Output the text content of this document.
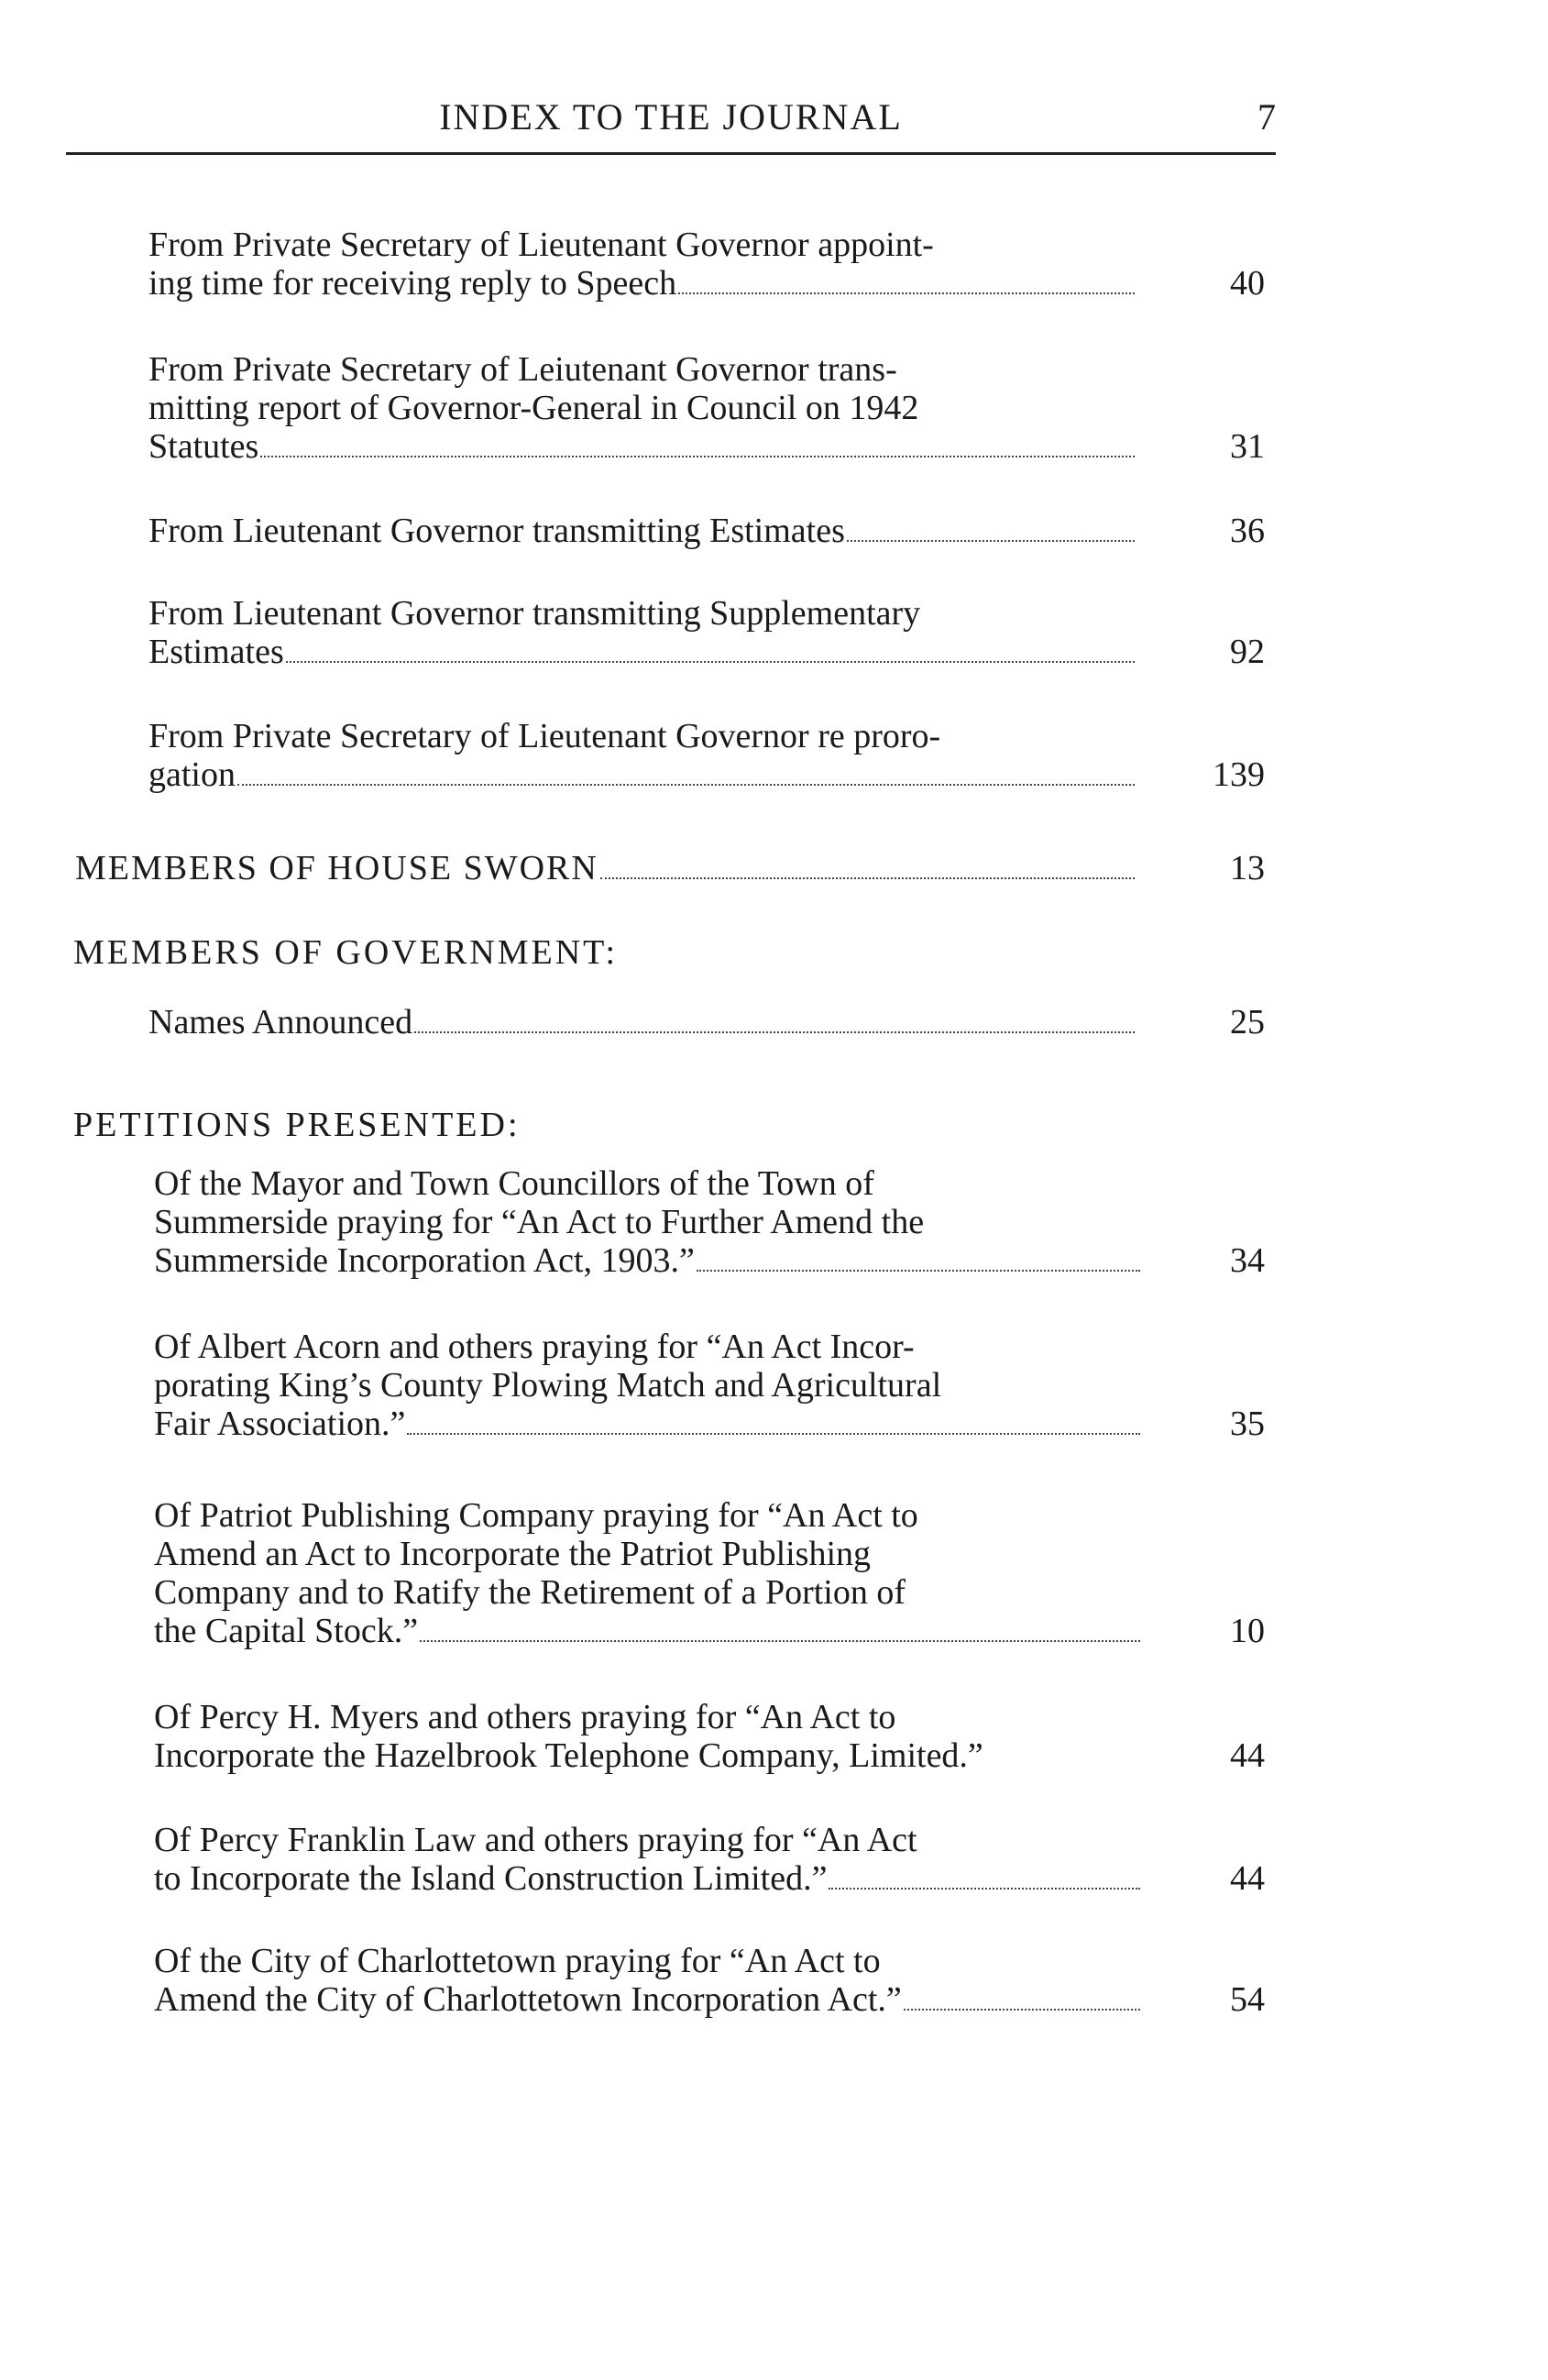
INDEX TO THE JOURNAL	7
From Private Secretary of Lieutenant Governor appoint-
ing time for receiving reply to Speech	40
From Private Secretary of Leiutenant Governor trans-
mitting report of Governor-General in Council on 1942
Statutes	31
From Lieutenant Governor transmitting Estimates	36
From Lieutenant Governor transmitting Supplementary
Estimates	92
From Private Secretary of Lieutenant Governor re proro-
gation	139
MEMBERS OF HOUSE SWORN	13
MEMBERS OF GOVERNMENT:
Names Announced	25
PETITIONS PRESENTED:
Of the Mayor and Town Councillors of the Town of
Summerside praying for “An Act to Further Amend the
Summerside Incorporation Act, 1903.”	34
Of Albert Acorn and others praying for “An Act Incor-
porating King’s County Plowing Match and Agricultural
Fair Association.”	35
Of Patriot Publishing Company praying for “An Act to
Amend an Act to Incorporate the Patriot Publishing
Company and to Ratify the Retirement of a Portion of
the Capital Stock.”	10
Of Percy H. Myers and others praying for “An Act to
Incorporate the Hazelbrook Telephone Company, Limited.”	44
Of Percy Franklin Law and others praying for “An Act
to Incorporate the Island Construction Limited.”	44
Of the City of Charlottetown praying for “An Act to
Amend the City of Charlottetown Incorporation Act.”	54
